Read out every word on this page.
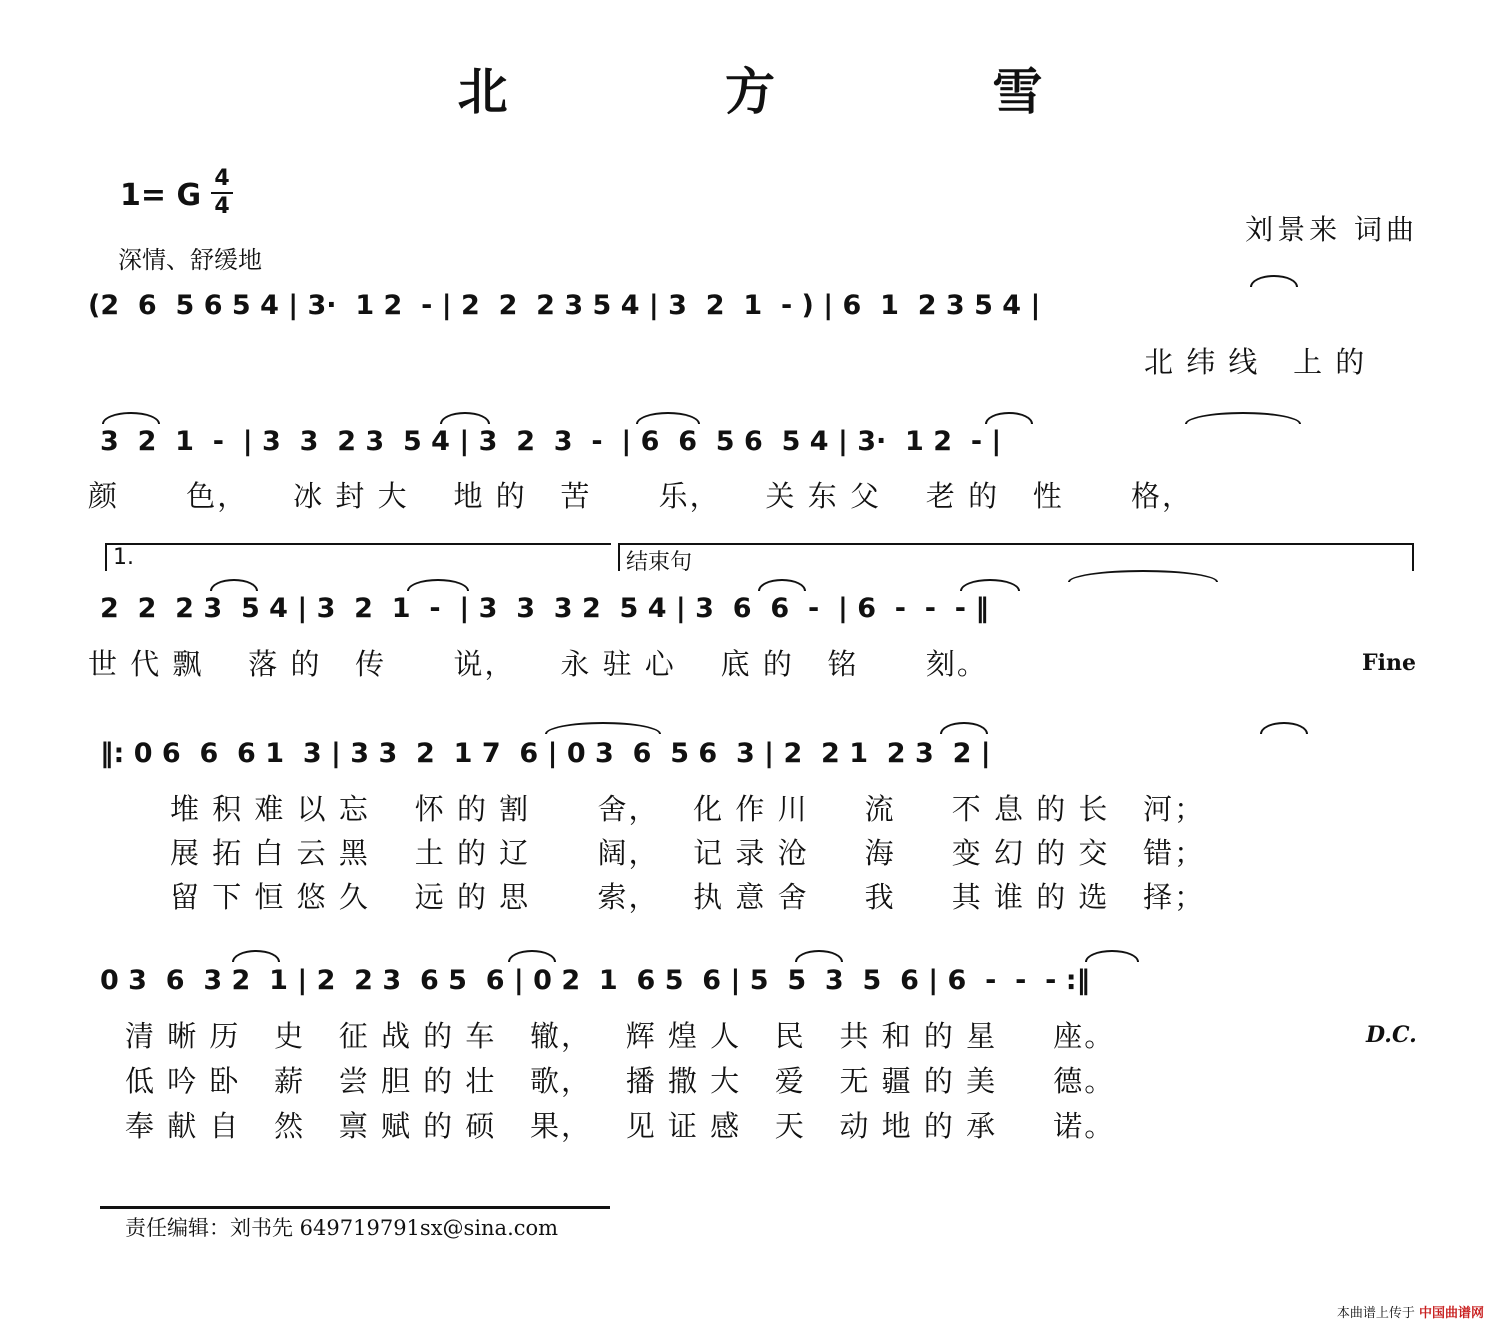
北 方 雪
1= G 4
4
深情、舒缓地
刘景来 词曲
(2  6  5 6 5 4 | 3·  1 2  - | 2  2  2 3 5 4 | 3  2  1  - ) | 6  1  2 3 5 4 |
北 纬 线   上 的
3  2  1  -  | 3  3  2 3  5 4 | 3  2  3  -  | 6  6  5 6  5 4 | 3·  1 2  - |
颜      色，    冰 封 大    地 的   苦      乐，    关 东 父    老 的   性      格，
1.	结束句
2  2  2 3  5 4 | 3  2  1  -  | 3  3  3 2  5 4 | 3  6  6  -  | 6  -  -  - ‖
世 代 飘    落 的   传      说，    永 驻 心    底 的   铭      刻。	Fine
‖: 0 6  6  6 1  3 | 3 3  2  1 7  6 | 0 3  6  5 6  3 | 2  2 1  2 3  2 |
堆 积 难 以 忘    怀 的 割      舍，   化 作 川     流     不 息 的 长   河；
展 拓 白 云 黑    土 的 辽      阔，   记 录 沧     海     变 幻 的 交   错；
留 下 恒 悠 久    远 的 思      索，   执 意 舍     我     其 谁 的 选   择；
0 3  6  3 2  1 | 2  2 3  6 5  6 | 0 2  1  6 5  6 | 5  5  3  5  6 | 6  -  -  - :‖
清 晰 历   史   征 战 的 车   辙，   辉 煌 人   民   共 和 的 星     座。
低 吟 卧   薪   尝 胆 的 壮   歌，   播 撒 大   爱   无 疆 的 美     德。
奉 献 自   然   禀 赋 的 硕   果，   见 证 感   天   动 地 的 承     诺。
D.C.
责任编辑：刘书先 649719791sx@sina.com
本曲谱上传于 中国曲谱网
